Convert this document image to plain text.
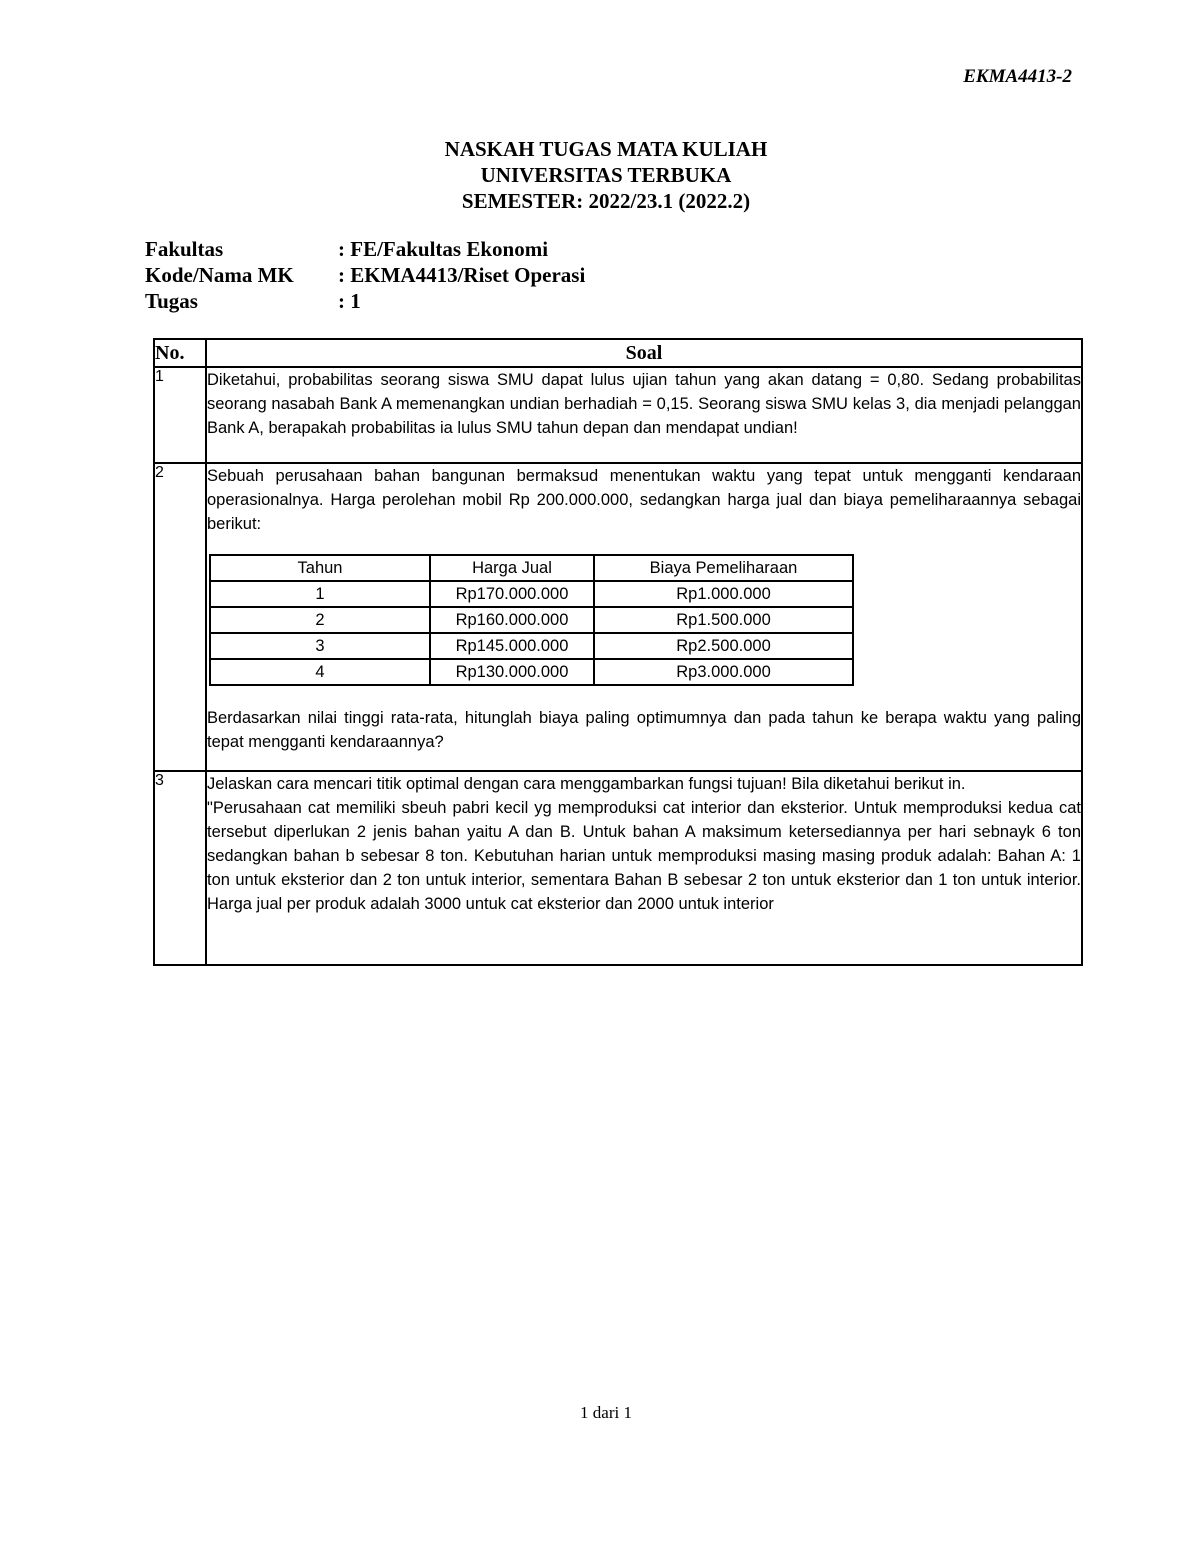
EKMA4413-2
NASKAH TUGAS MATA KULIAH
UNIVERSITAS TERBUKA
SEMESTER: 2022/23.1 (2022.2)
Fakultas	: FE/Fakultas Ekonomi
Kode/Nama MK	: EKMA4413/Riset Operasi
Tugas	: 1
No.	Soal
1	Diketahui, probabilitas seorang siswa SMU dapat lulus ujian tahun yang akan datang = 0,80. Sedang probabilitas seorang nasabah Bank A memenangkan undian berhadiah = 0,15. Seorang siswa SMU kelas 3, dia menjadi pelanggan Bank A, berapakah probabilitas ia lulus SMU tahun depan dan mendapat undian!

2	Sebuah perusahaan bahan bangunan bermaksud menentukan waktu yang tepat untuk mengganti kendaraan operasionalnya. Harga perolehan mobil Rp 200.000.000, sedangkan harga jual dan biaya pemeliharaannya sebagai berikut:
Tahun	Harga Jual	Biaya Pemeliharaan
1	Rp170.000.000	Rp1.000.000
2	Rp160.000.000	Rp1.500.000
3	Rp145.000.000	Rp2.500.000
4	Rp130.000.000	Rp3.000.000
Berdasarkan nilai tinggi rata-rata, hitunglah biaya paling optimumnya dan pada tahun ke berapa waktu yang paling tepat mengganti kendaraannya?

3	Jelaskan cara mencari titik optimal dengan cara menggambarkan fungsi tujuan! Bila diketahui berikut in.
"Perusahaan cat memiliki sbeuh pabri kecil yg memproduksi cat interior dan eksterior. Untuk memproduksi kedua cat tersebut diperlukan 2 jenis bahan yaitu A dan B. Untuk bahan A maksimum ketersediannya per hari sebnayk 6 ton sedangkan bahan b sebesar 8 ton. Kebutuhan harian untuk memproduksi masing masing produk adalah: Bahan A: 1 ton untuk eksterior dan 2 ton untuk interior, sementara Bahan B sebesar 2 ton untuk eksterior dan 1 ton untuk interior. Harga jual per produk adalah 3000 untuk cat eksterior dan 2000 untuk interior
1 dari 1
